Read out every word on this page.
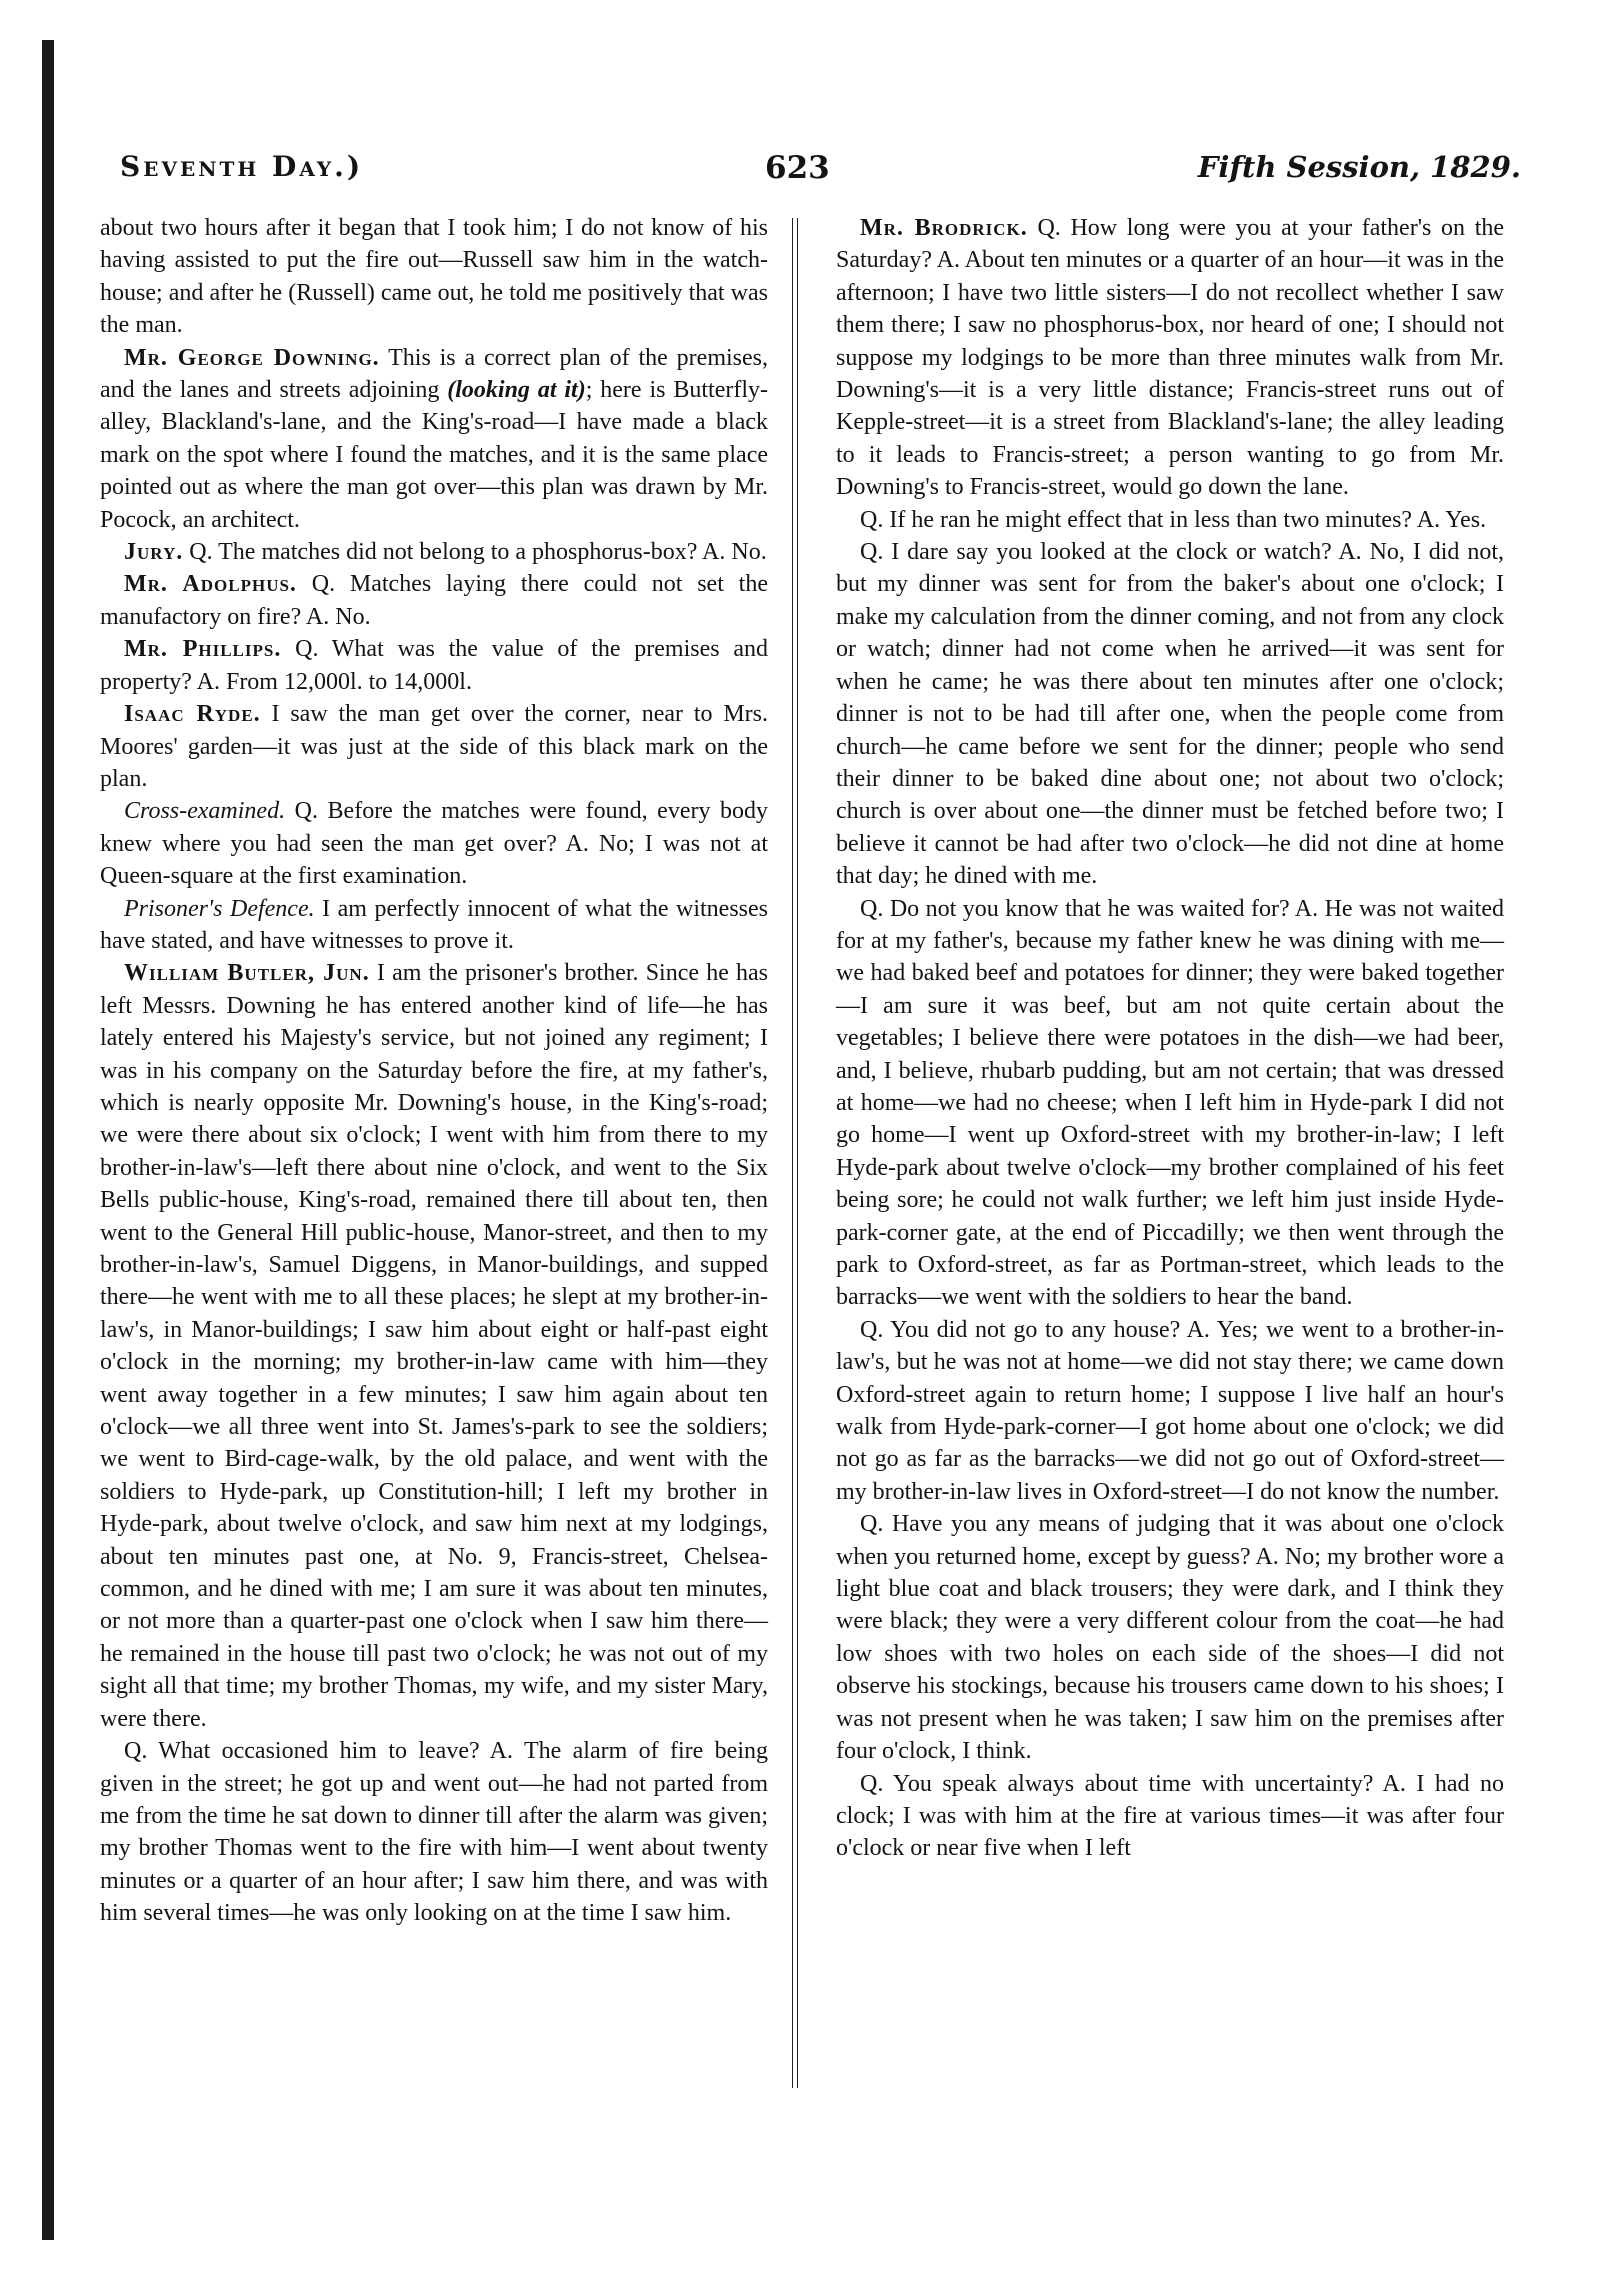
Seventh Day.)	623	Fifth Session, 1829.

about two hours after it began that I took him; I do not know of his having assisted to put the fire out—Russell saw him in the watch-house; and after he (Russell) came out, he told me positively that was the man.

Mr. George Downing. This is a correct plan of the premises, and the lanes and streets adjoining (looking at it); here is Butterfly-alley, Blackland's-lane, and the King's-road—I have made a black mark on the spot where I found the matches, and it is the same place pointed out as where the man got over—this plan was drawn by Mr. Pocock, an architect.

Jury. Q. The matches did not belong to a phosphorus-box? A. No.

Mr. Adolphus. Q. Matches laying there could not set the manufactory on fire? A. No.

Mr. Phillips. Q. What was the value of the premises and property? A. From 12,000l. to 14,000l.

Isaac Ryde. I saw the man get over the corner, near to Mrs. Moores' garden—it was just at the side of this black mark on the plan.

Cross-examined. Q. Before the matches were found, every body knew where you had seen the man get over? A. No; I was not at Queen-square at the first examination.

Prisoner's Defence. I am perfectly innocent of what the witnesses have stated, and have witnesses to prove it.

William Butler, Jun. I am the prisoner's brother. Since he has left Messrs. Downing he has entered another kind of life—he has lately entered his Majesty's service, but not joined any regiment; I was in his company on the Saturday before the fire, at my father's, which is nearly opposite Mr. Downing's house, in the King's-road; we were there about six o'clock; I went with him from there to my brother-in-law's—left there about nine o'clock, and went to the Six Bells public-house, King's-road, remained there till about ten, then went to the General Hill public-house, Manor-street, and then to my brother-in-law's, Samuel Diggens, in Manor-buildings, and supped there—he went with me to all these places; he slept at my brother-in-law's, in Manor-buildings; I saw him about eight or half-past eight o'clock in the morning; my brother-in-law came with him—they went away together in a few minutes; I saw him again about ten o'clock—we all three went into St. James's-park to see the soldiers; we went to Bird-cage-walk, by the old palace, and went with the soldiers to Hyde-park, up Constitution-hill; I left my brother in Hyde-park, about twelve o'clock, and saw him next at my lodgings, about ten minutes past one, at No. 9, Francis-street, Chelsea-common, and he dined with me; I am sure it was about ten minutes, or not more than a quarter-past one o'clock when I saw him there—he remained in the house till past two o'clock; he was not out of my sight all that time; my brother Thomas, my wife, and my sister Mary, were there.

Q. What occasioned him to leave? A. The alarm of fire being given in the street; he got up and went out—he had not parted from me from the time he sat down to dinner till after the alarm was given; my brother Thomas went to the fire with him—I went about twenty minutes or a quarter of an hour after; I saw him there, and was with him several times—he was only looking on at the time I saw him.

Mr. Brodrick. Q. How long were you at your father's on the Saturday? A. About ten minutes or a quarter of an hour—it was in the afternoon; I have two little sisters—I do not recollect whether I saw them there; I saw no phosphorus-box, nor heard of one; I should not suppose my lodgings to be more than three minutes walk from Mr. Downing's—it is a very little distance; Francis-street runs out of Kepple-street—it is a street from Blackland's-lane; the alley leading to it leads to Francis-street; a person wanting to go from Mr. Downing's to Francis-street, would go down the lane.

Q. If he ran he might effect that in less than two minutes? A. Yes.

Q. I dare say you looked at the clock or watch? A. No, I did not, but my dinner was sent for from the baker's about one o'clock; I make my calculation from the dinner coming, and not from any clock or watch; dinner had not come when he arrived—it was sent for when he came; he was there about ten minutes after one o'clock; dinner is not to be had till after one, when the people come from church—he came before we sent for the dinner; people who send their dinner to be baked dine about one; not about two o'clock; church is over about one—the dinner must be fetched before two; I believe it cannot be had after two o'clock—he did not dine at home that day; he dined with me.

Q. Do not you know that he was waited for? A. He was not waited for at my father's, because my father knew he was dining with me—we had baked beef and potatoes for dinner; they were baked together—I am sure it was beef, but am not quite certain about the vegetables; I believe there were potatoes in the dish—we had beer, and, I believe, rhubarb pudding, but am not certain; that was dressed at home—we had no cheese; when I left him in Hyde-park I did not go home—I went up Oxford-street with my brother-in-law; I left Hyde-park about twelve o'clock—my brother complained of his feet being sore; he could not walk further; we left him just inside Hyde-park-corner gate, at the end of Piccadilly; we then went through the park to Oxford-street, as far as Portman-street, which leads to the barracks—we went with the soldiers to hear the band.

Q. You did not go to any house? A. Yes; we went to a brother-in-law's, but he was not at home—we did not stay there; we came down Oxford-street again to return home; I suppose I live half an hour's walk from Hyde-park-corner—I got home about one o'clock; we did not go as far as the barracks—we did not go out of Oxford-street—my brother-in-law lives in Oxford-street—I do not know the number.

Q. Have you any means of judging that it was about one o'clock when you returned home, except by guess? A. No; my brother wore a light blue coat and black trousers; they were dark, and I think they were black; they were a very different colour from the coat—he had low shoes with two holes on each side of the shoes—I did not observe his stockings, because his trousers came down to his shoes; I was not present when he was taken; I saw him on the premises after four o'clock, I think.

Q. You speak always about time with uncertainty? A. I had no clock; I was with him at the fire at various times—it was after four o'clock or near five when I left
